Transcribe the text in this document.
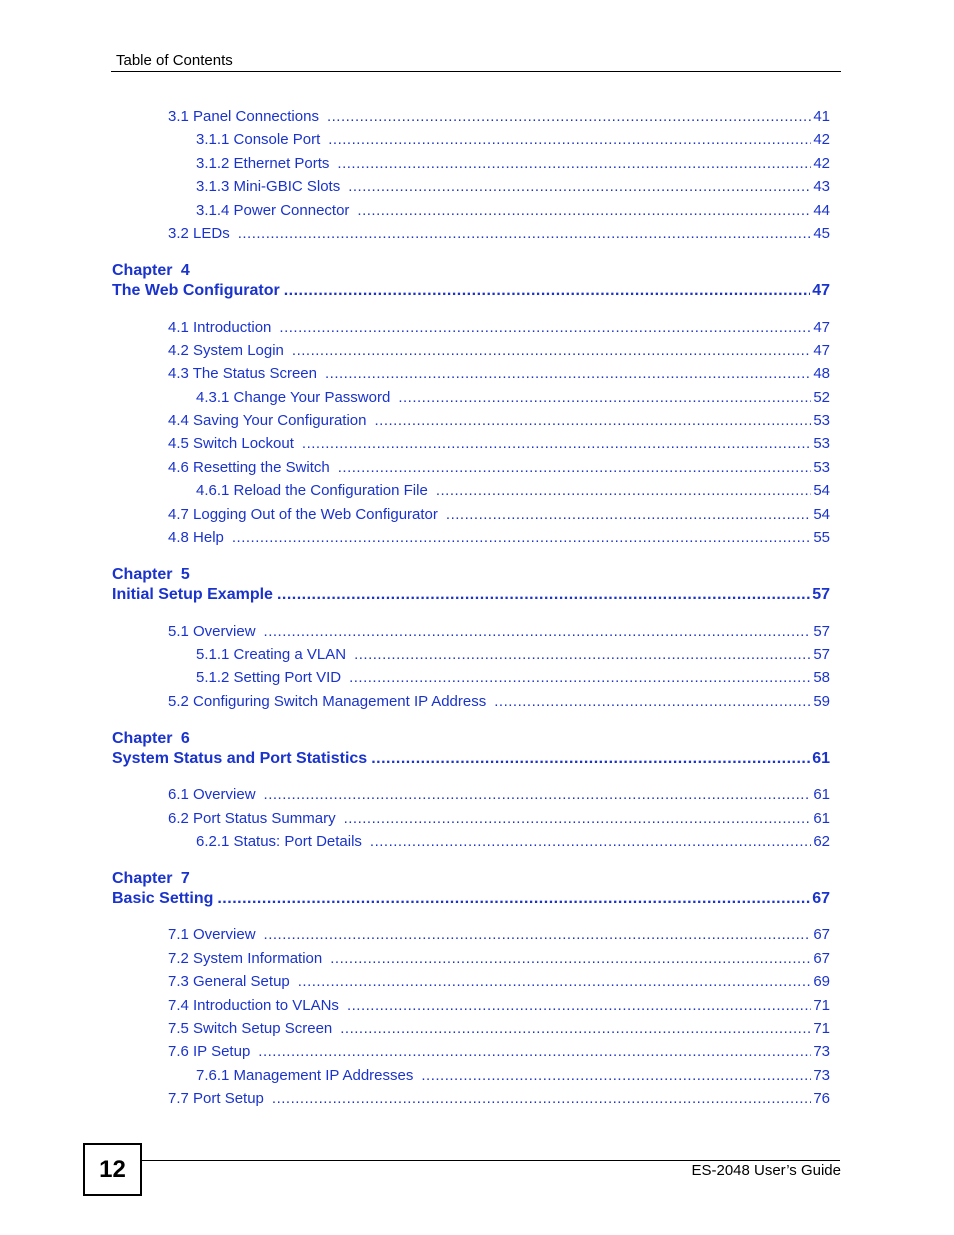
Table of Contents
3.1 Panel Connections .....	41
3.1.1 Console Port .....	42
3.1.2 Ethernet Ports .....	42
3.1.3 Mini-GBIC Slots .....	43
3.1.4 Power Connector .....	44
3.2 LEDs .....	45
Chapter 4
The Web Configurator .....	47
4.1 Introduction .....	47
4.2 System Login .....	47
4.3 The Status Screen .....	48
4.3.1 Change Your Password .....	52
4.4 Saving Your Configuration .....	53
4.5 Switch Lockout .....	53
4.6 Resetting the Switch .....	53
4.6.1 Reload the Configuration File .....	54
4.7 Logging Out of the Web Configurator .....	54
4.8 Help .....	55
Chapter 5
Initial Setup Example .....	57
5.1 Overview .....	57
5.1.1 Creating a VLAN .....	57
5.1.2 Setting Port VID .....	58
5.2 Configuring Switch Management IP Address .....	59
Chapter 6
System Status and Port Statistics .....	61
6.1 Overview .....	61
6.2 Port Status Summary .....	61
6.2.1 Status: Port Details .....	62
Chapter 7
Basic Setting .....	67
7.1 Overview .....	67
7.2 System Information .....	67
7.3 General Setup .....	69
7.4 Introduction to VLANs .....	71
7.5 Switch Setup Screen .....	71
7.6 IP Setup .....	73
7.6.1 Management IP Addresses .....	73
7.7 Port Setup .....	76
12	ES-2048 User’s Guide
